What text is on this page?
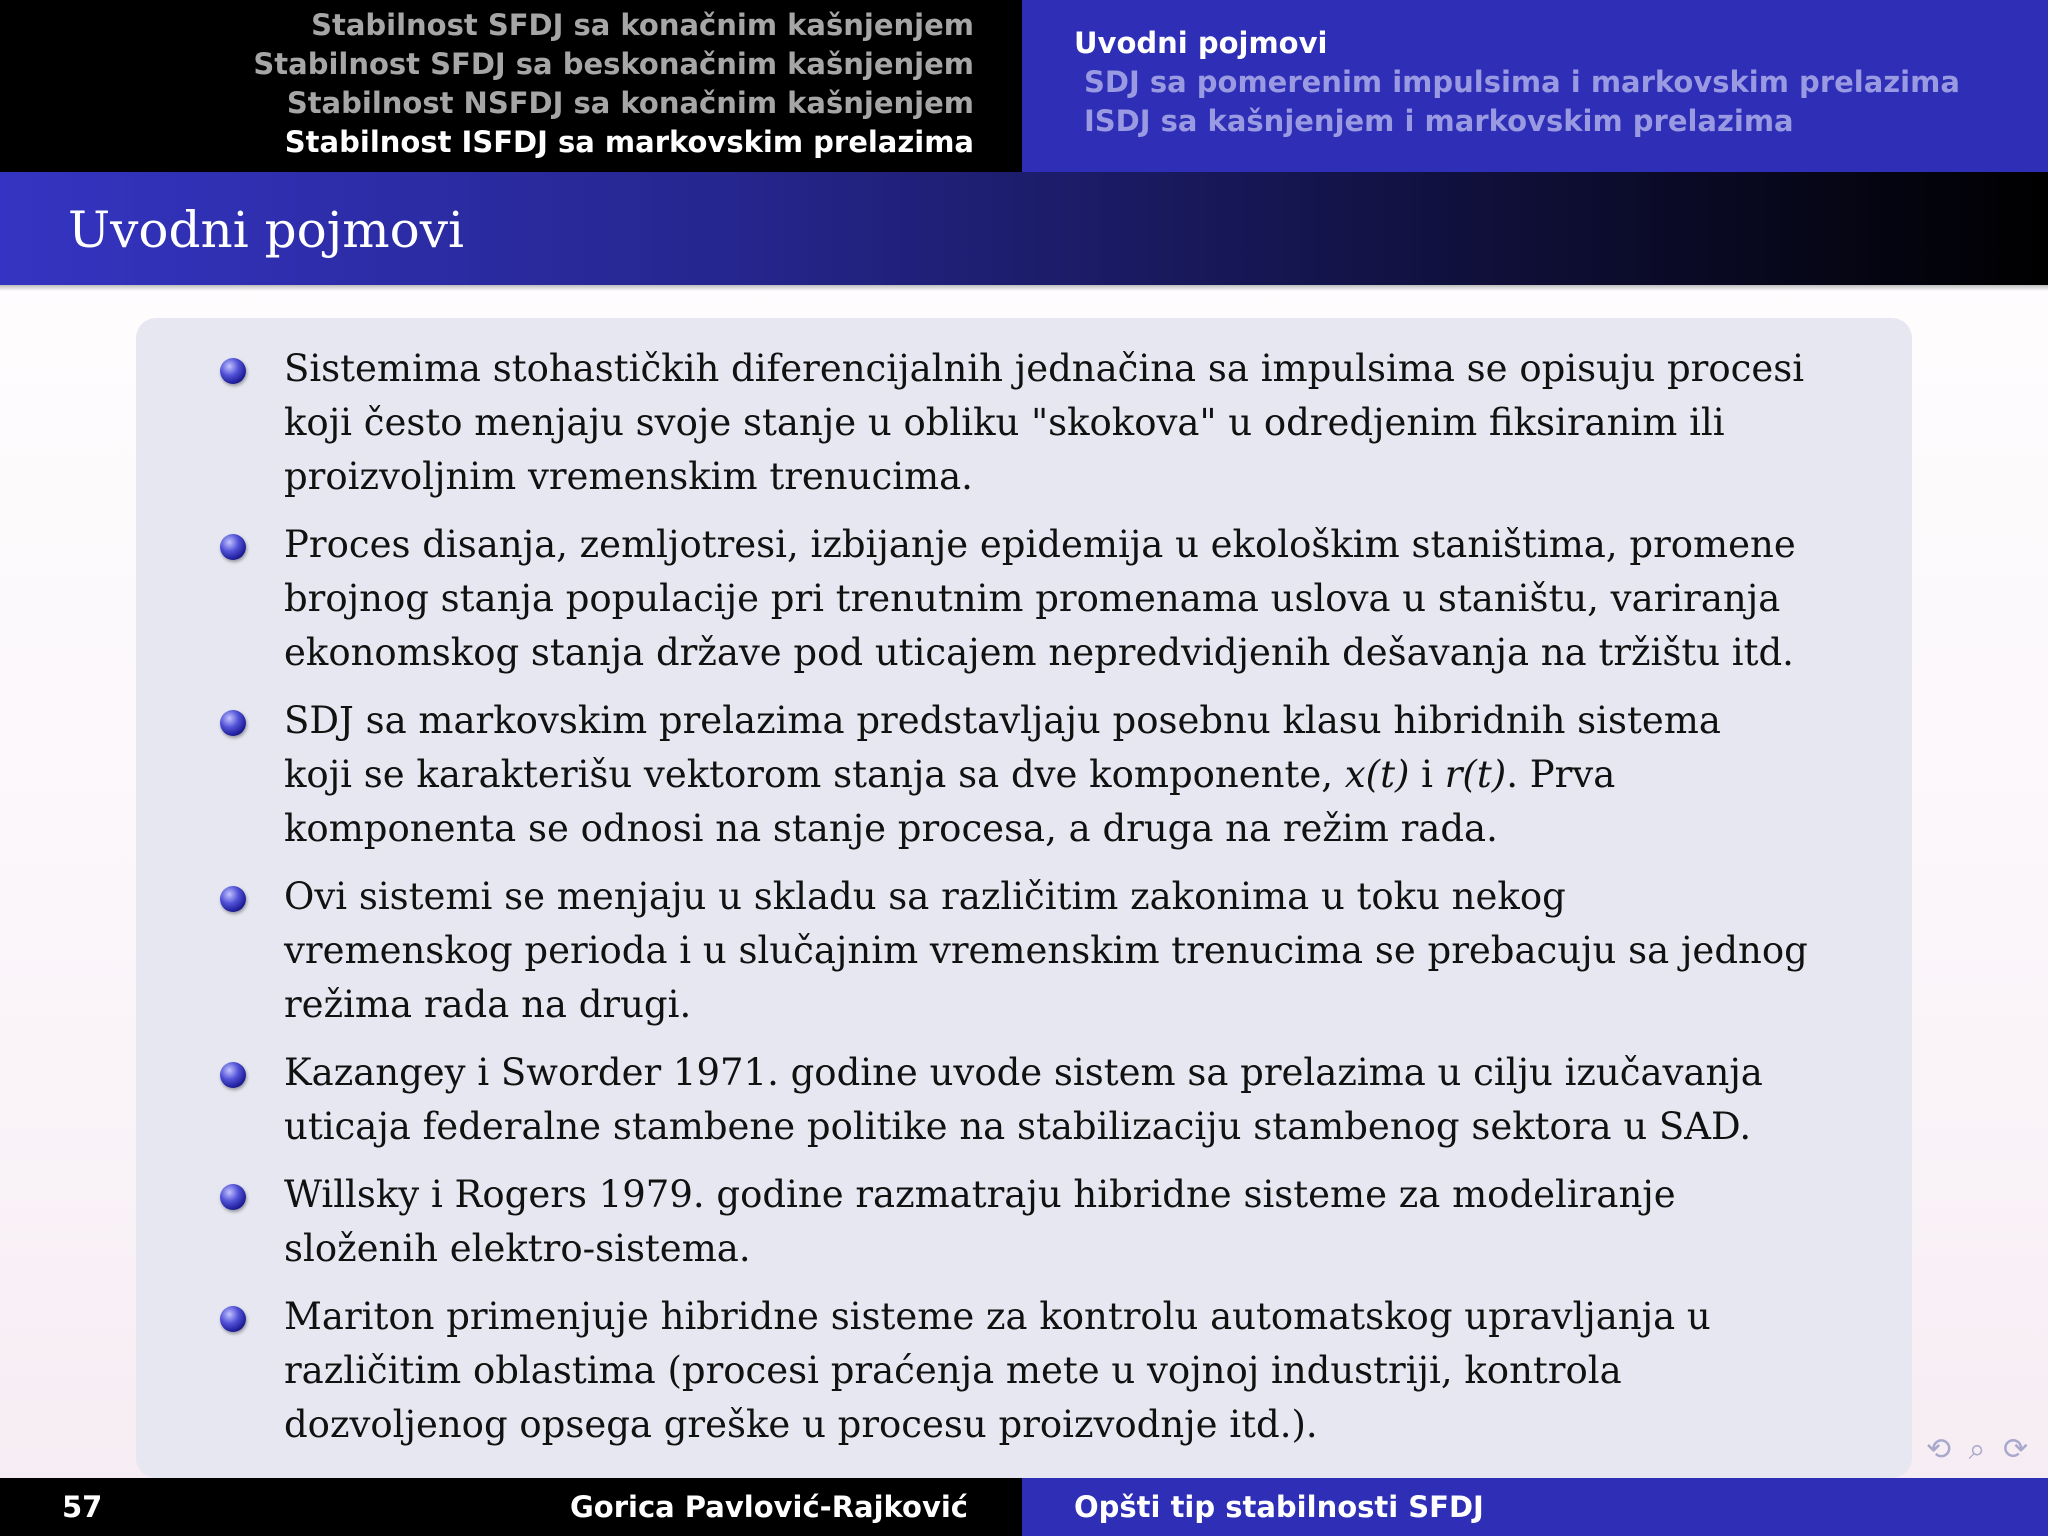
Stabilnost SFDJ sa konačnim kašnjenjem
Stabilnost SFDJ sa beskonačnim kašnjenjem
Stabilnost NSFDJ sa konačnim kašnjenjem
Stabilnost ISFDJ sa markovskim prelazima
Uvodni pojmovi
SDJ sa pomerenim impulsima i markovskim prelazima
ISDJ sa kašnjenjem i markovskim prelazima
Uvodni pojmovi
Sistemima stohastičkih diferencijalnih jednačina sa impulsima se opisuju procesi
koji često menjaju svoje stanje u obliku "skokova" u odredjenim fiksiranim ili
proizvoljnim vremenskim trenucima.
Proces disanja, zemljotresi, izbijanje epidemija u ekološkim staništima, promene
brojnog stanja populacije pri trenutnim promenama uslova u staništu, variranja
ekonomskog stanja države pod uticajem nepredvidjenih dešavanja na tržištu itd.
SDJ sa markovskim prelazima predstavljaju posebnu klasu hibridnih sistema
koji se karakterišu vektorom stanja sa dve komponente, x(t) i r(t). Prva
komponenta se odnosi na stanje procesa, a druga na režim rada.
Ovi sistemi se menjaju u skladu sa različitim zakonima u toku nekog
vremenskog perioda i u slučajnim vremenskim trenucima se prebacuju sa jednog
režima rada na drugi.
Kazangey i Sworder 1971. godine uvode sistem sa prelazima u cilju izučavanja
uticaja federalne stambene politike na stabilizaciju stambenog sektora u SAD.
Willsky i Rogers 1979. godine razmatraju hibridne sisteme za modeliranje
složenih elektro-sistema.
Mariton primenjuje hibridne sisteme za kontrolu automatskog upravljanja u
različitim oblastima (procesi praćenja mete u vojnoj industriji, kontrola
dozvoljenog opsega greške u procesu proizvodnje itd.).
⟲ ⌕ ⟳
57	Gorica Pavlović-Rajković	Opšti tip stabilnosti SFDJ
